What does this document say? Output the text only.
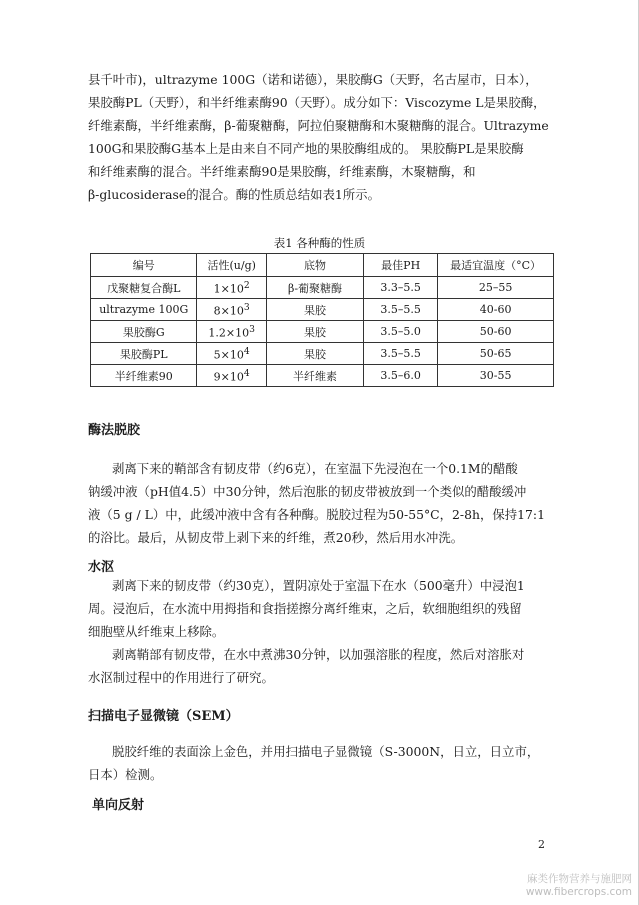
县千叶市)，ultrazyme 100G（诺和诺德），果胶酶G（天野，名古屋市，日本），
果胶酶PL（天野），和半纤维素酶90（天野）。成分如下：Viscozyme L是果胶酶，
纤维素酶，半纤维素酶，β-葡聚糖酶，阿拉伯聚糖酶和木聚糖酶的混合。Ultrazyme
100G和果胶酶G基本上是由来自不同产地的果胶酶组成的。 果胶酶PL是果胶酶
和纤维素酶的混合。半纤维素酶90是果胶酶，纤维素酶，木聚糖酶，和
β-glucosiderase的混合。酶的性质总结如表1所示。

表1 各种酶的性质
编号	活性(u/g)	底物	最佳PH	最适宜温度（°C）
戊聚糖复合酶L	$1\times 10^2$	β-葡聚糖酶	3.3–5.5	25–55
ultrazyme 100G	$8\times 10^3$	果胶	3.5–5.5	40-60
果胶酶G	$1.2\times 10^3$	果胶	3.5–5.0	50-60
果胶酶PL	$5\times 10^4$	果胶	3.5–5.5	50-65
半纤维素90	$9\times 10^4$	半纤维素	3.5–6.0	30-55
酶法脱胶

剥离下来的鞘部含有韧皮带（约6克），在室温下先浸泡在一个0.1M的醋酸
钠缓冲液（pH值4.5）中30分钟，然后泡胀的韧皮带被放到一个类似的醋酸缓冲
液（5 g / L）中，此缓冲液中含有各种酶。脱胶过程为50-55°C，2-8h，保持17:1
的浴比。最后，从韧皮带上剥下来的纤维，煮20秒，然后用水冲洗。

水沤

剥离下来的韧皮带（约30克），置阴凉处于室温下在水（500毫升）中浸泡1
周。浸泡后，在水流中用拇指和食指搓擦分离纤维束，之后，软细胞组织的残留
细胞壁从纤维束上移除。

剥离鞘部有韧皮带，在水中煮沸30分钟，以加强溶胀的程度，然后对溶胀对
水沤制过程中的作用进行了研究。

扫描电子显微镜（SEM）

脱胶纤维的表面涂上金色，并用扫描电子显微镜（S-3000N，日立，日立市，
日本）检测。

单向反射
2
麻类作物营养与施肥网
www.fibercrops.com
